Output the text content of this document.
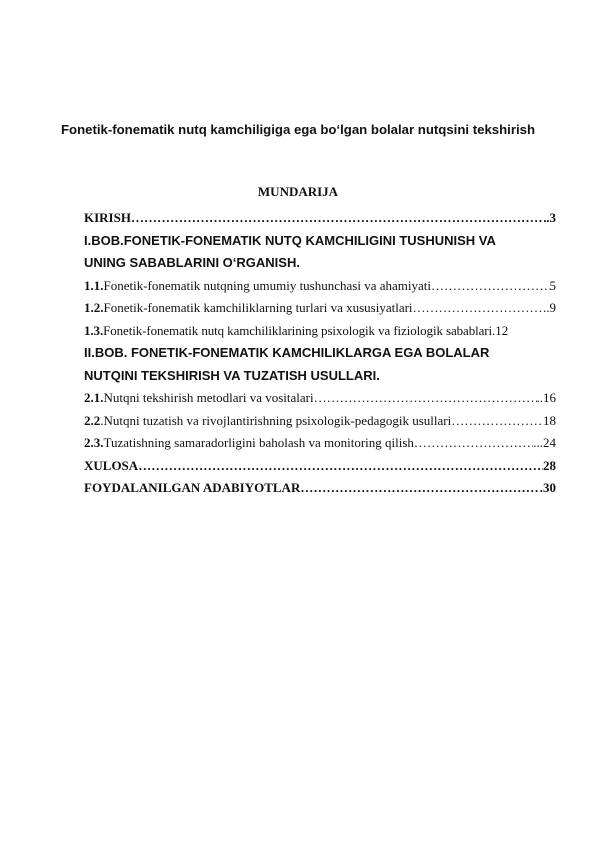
Fonetik-fonematik nutq kamchiligiga ega bo‘lgan bolalar nutqsini tekshirish
MUNDARIJA
KIRISH …………………………………………………………………………………………………………………………………………	.3
I.BOB.FONETIK-FONEMATIK NUTQ KAMCHILIGINI TUSHUNISH VA
UNING SABABLARINI O‘RGANISH.
1.1.Fonetik-fonematik nutqning umumiy tushunchasi va ahamiyati …………………………………………………………………………………………………………………………………………	5
1.2.Fonetik-fonematik kamchiliklarning turlari va xususiyatlari …………………………………………………………………………………………………………………………………………	..9
1.3.Fonetik-fonematik nutq kamchiliklarining psixologik va fiziologik sabablari. 12
II.BOB. FONETIK-FONEMATIK KAMCHILIKLARGA EGA BOLALAR
NUTQINI TEKSHIRISH VA TUZATISH USULLARI.
2.1.Nutqni tekshirish metodlari va vositalari …………………………………………………………………………………………………………………………………………	..16
2.2.Nutqni tuzatish va rivojlantirishning psixologik-pedagogik usullari …………………………………………………………………………………………………………………………………………	18
2.3.Tuzatishning samaradorligini baholash va monitoring qilish …………………………………………………………………………………………………………………………………………	...24
XULOSA …………………………………………………………………………………………………………………………………………	28
FOYDALANILGAN ADABIYOTLAR …………………………………………………………………………………………………………………………………………	.30
